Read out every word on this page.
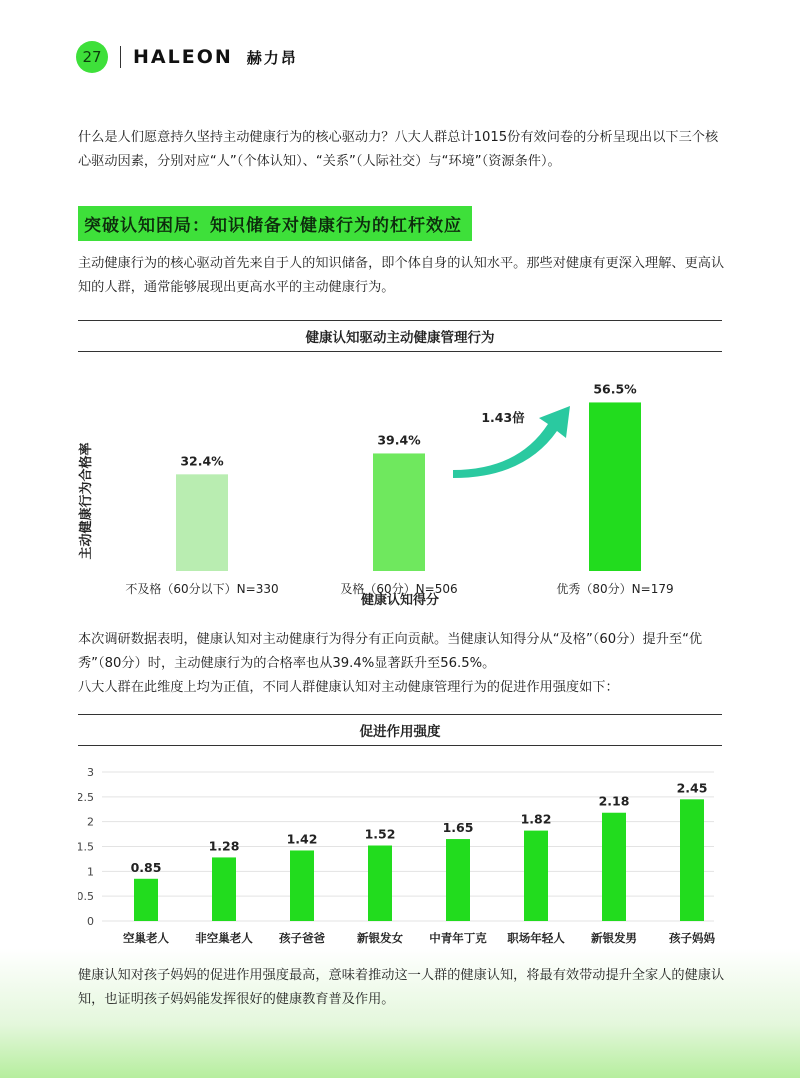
27	HALEON 赫力昂

什么是人们愿意持久坚持主动健康行为的核心驱动力？八大人群总计1015份有效问卷的分析呈现出以下三个核心驱动因素，分别对应“人”（个体认知）、“关系”（人际社交）与“环境”（资源条件）。

突破认知困局：知识储备对健康行为的杠杆效应

主动健康行为的核心驱动首先来自于人的知识储备，即个体自身的认知水平。那些对健康有更深入理解、更高认知的人群，通常能够展现出更高水平的主动健康行为。

健康认知驱动主动健康管理行为
主动健康行为合格率	32.4%
不及格（60分以下）N=330
39.4%
及格（60分）N=506
56.5%
优秀（80分）N=179
健康认知得分
1.43倍

本次调研数据表明，健康认知对主动健康行为得分有正向贡献。当健康认知得分从“及格”（60分）提升至“优秀”（80分）时，主动健康行为的合格率也从39.4%显著跃升至56.5%。
八大人群在此维度上均为正值，不同人群健康认知对主动健康管理行为的促进作用强度如下：

促进作用强度
0
0.5
1
1.5
2
2.5
3
0.85
空巢老人
1.28
非空巢老人
1.42
孩子爸爸
1.52
新银发女
1.65
中青年丁克
1.82
职场年轻人
2.18
新银发男
2.45
孩子妈妈

健康认知对孩子妈妈的促进作用强度最高，意味着推动这一人群的健康认知，将最有效带动提升全家人的健康认知，也证明孩子妈妈能发挥很好的健康教育普及作用。
